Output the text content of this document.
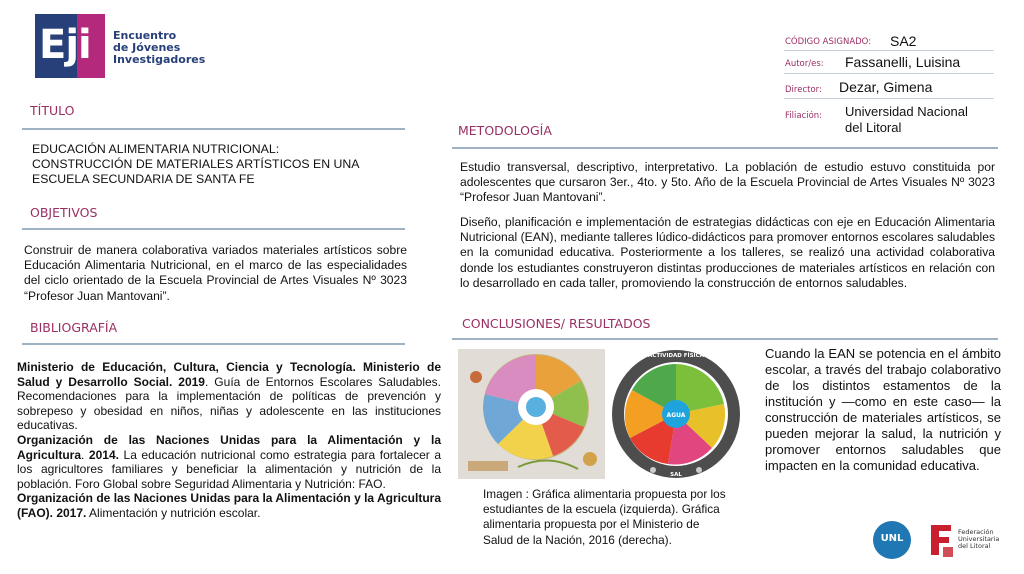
Eji Encuentro
de Jóvenes
Investigadores
CÓDIGO ASIGNADO: SA2
Autor/es: Fassanelli, Luisina
Director: Dezar, Gimena
Filiación: Universidad Nacional
del Litoral
TÍTULO
EDUCACIÓN ALIMENTARIA NUTRICIONAL:
CONSTRUCCIÓN DE MATERIALES ARTÍSTICOS EN UNA
ESCUELA SECUNDARIA DE SANTA FE
OBJETIVOS
Construir de manera colaborativa variados materiales artísticos sobre Educación Alimentaria Nutricional, en el marco de las especialidades del ciclo orientado de la Escuela Provincial de Artes Visuales Nº 3023 “Profesor Juan Mantovani”.
BIBLIOGRAFÍA

Ministerio de Educación, Cultura, Ciencia y Tecnología. Ministerio de Salud y Desarrollo Social. 2019. Guía de Entornos Escolares Saludables. Recomendaciones para la implementación de políticas de prevención y sobrepeso y obesidad en niños, niñas y adolescente en las instituciones educativas.

Organización de las Naciones Unidas para la Alimentación y la Agricultura. 2014. La educación nutricional como estrategia para fortalecer a los agricultores familiares y beneficiar la alimentación y nutrición de la población. Foro Global sobre Seguridad Alimentaria y Nutrición: FAO.

Organización de las Naciones Unidas para la Alimentación y la Agricultura (FAO). 2017. Alimentación y nutrición escolar.

METODOLOGÍA
Estudio transversal, descriptivo, interpretativo. La población de estudio estuvo constituida por adolescentes que cursaron 3er., 4to. y 5to. Año de la Escuela Provincial de Artes Visuales Nº 3023 “Profesor Juan Mantovani”.
Diseño, planificación e implementación de estrategias didácticas con eje en Educación Alimentaria Nutricional (EAN), mediante talleres lúdico-didácticos para promover entornos escolares saludables en la comunidad educativa. Posteriormente a los talleres, se realizó una actividad colaborativa donde los estudiantes construyeron distintas producciones de materiales artísticos en relación con lo desarrollado en cada taller, promoviendo la construcción de entornos saludables.
CONCLUSIONES/ RESULTADOS
AGUA
ACTIVIDAD FÍSICA
SAL
Imagen : Gráfica alimentaria propuesta por los estudiantes de la escuela (izquierda). Gráfica alimentaria propuesta por el Ministerio de Salud de la Nación, 2016 (derecha).
Cuando la EAN se potencia en el ámbito escolar, a través del trabajo colaborativo de los distintos estamentos de la institución y —como en este caso— la construcción de materiales artísticos, se pueden mejorar la salud, la nutrición y promover entornos saludables que impacten en la comunidad educativa.
UNL
Federación
Universitaria
del Litoral
